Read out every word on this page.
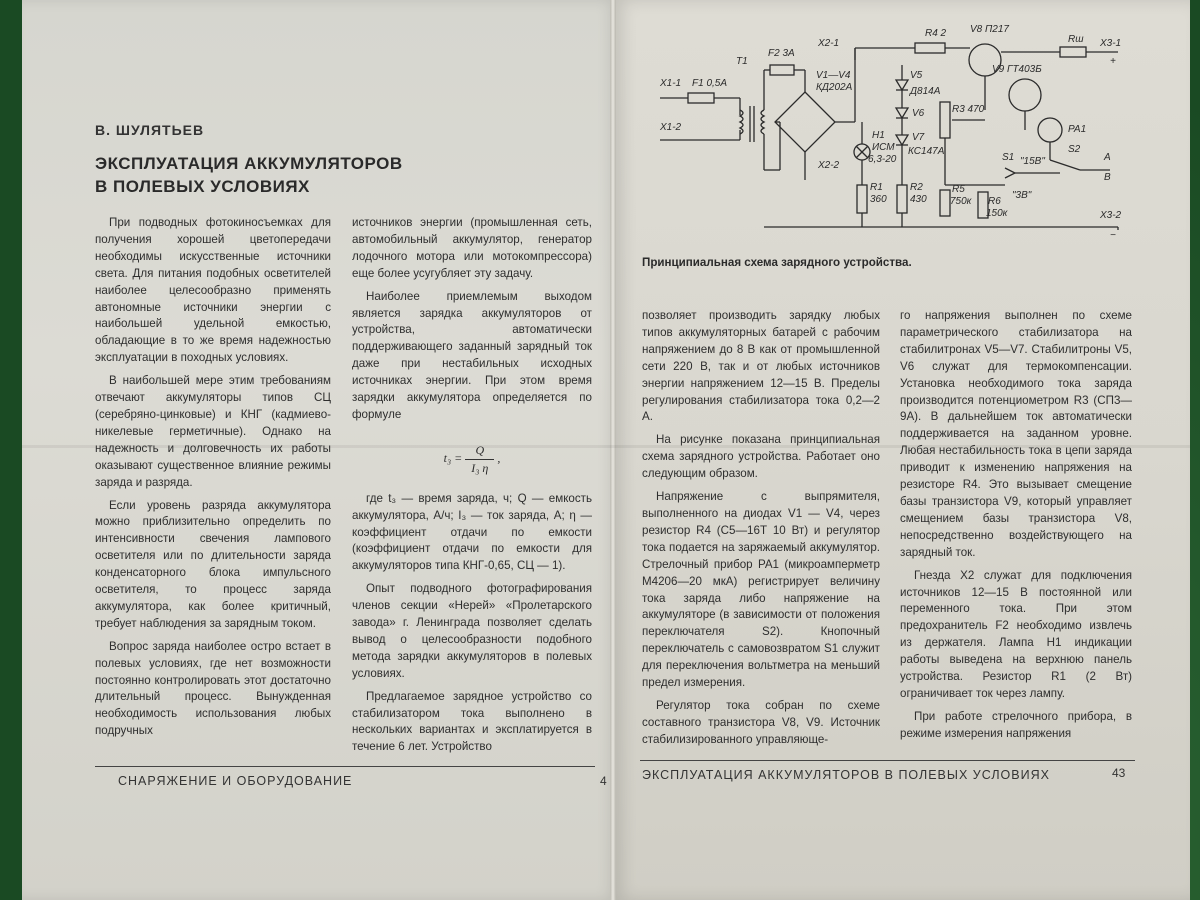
В. ШУЛЯТЬЕВ
ЭКСПЛУАТАЦИЯ АККУМУЛЯТОРОВ
В ПОЛЕВЫХ УСЛОВИЯХ

При подводных фотокиносъемках для получения хорошей цветопередачи необходимы искусственные источники света. Для питания подобных осветителей наиболее целесообразно применять автономные источники энергии с наибольшей удельной емкостью, обладающие в то же время надежностью эксплуатации в походных условиях.

В наибольшей мере этим требованиям отвечают аккумуляторы типов СЦ (серебряно-цинковые) и КНГ (кадмиево-никелевые герметичные). Однако на надежность и долговечность их работы оказывают существенное влияние режимы заряда и разряда.

Если уровень разряда аккумулятора можно приблизительно определить по интенсивности свечения лампового осветителя или по длительности заряда конденсаторного блока импульсного осветителя, то процесс заряда аккумулятора, как более критичный, требует наблюдения за зарядным током.

Вопрос заряда наиболее остро встает в полевых условиях, где нет возможности постоянно контролировать этот достаточно длительный процесс. Вынужденная необходимость использования любых подручных

источников энергии (промышленная сеть, автомобильный аккумулятор, генератор лодочного мотора или мотокомпрессора) еще более усугубляет эту задачу.

Наиболее приемлемым выходом является зарядка аккумуляторов от устройства, автоматически поддерживающего заданный зарядный ток даже при нестабильных исходных источниках энергии. При этом время зарядки аккумулятора определяется по формуле

$t_3 = \frac{Q}{\text{I₃ η}}$ ,

где t₃ — время заряда, ч; Q — емкость аккумулятора, А/ч; I₃ — ток заряда, А; η — коэффициент отдачи по емкости (коэффициент отдачи по емкости для аккумуляторов типа КНГ-0,65, СЦ — 1).

Опыт подводного фотографирования членов секции «Нерей» «Пролетарского завода» г. Ленинграда позволяет сделать вывод о целесообразности подобного метода зарядки аккумуляторов в полевых условиях.

Предлагаемое зарядное устройство со стабилизатором тока выполнено в нескольких вариантах и эксплатируется в течение 6 лет. Устройство

СНАРЯЖЕНИЕ И ОБОРУДОВАНИЕ	4
X1-1
X1-2
F1 0,5А
T1
F2 3А
X2-1
X2-2
V1—V4
КД202А
R4 2 V8 П217
V9 ГТ403Б
Rш X3-1
X3-2
V5
Д814А
V6
V7
КС147А
R3 470
H1
ИСМ
6,3-20
R1
360
R2
430
R5
750к R6
150к
PA1
S1
S2
"15В"
"3В"
А
В
+
−
Принципиальная схема зарядного устройства.

позволяет производить зарядку любых типов аккумуляторных батарей с рабочим напряжением до 8 В как от промышленной сети 220 В, так и от любых источников энергии напряжением 12—15 В. Пределы регулирования стабилизатора тока 0,2—2 А.

На рисунке показана принципиальная схема зарядного устройства. Работает оно следующим образом.

Напряжение с выпрямителя, выполненного на диодах V1 — V4, через резистор R4 (С5—16Т 10 Вт) и регулятор тока подается на заряжаемый аккумулятор. Стрелочный прибор PA1 (микроамперметр М4206—20 мкА) регистрирует величину тока заряда либо напряжение на аккумуляторе (в зависимости от положения переключателя S2). Кнопочный переключатель с самовозвратом S1 служит для переключения вольтметра на меньший предел измерения.

Регулятор тока собран по схеме составного транзистора V8, V9. Источник стабилизированного управляюще-

го напряжения выполнен по схеме параметрического стабилизатора на стабилитронах V5—V7. Стабилитроны V5, V6 служат для термокомпенсации. Установка необходимого тока заряда производится потенциометром R3 (СП3—9А). В дальнейшем ток автоматически поддерживается на заданном уровне. Любая нестабильность тока в цепи заряда приводит к изменению напряжения на резисторе R4. Это вызывает смещение базы транзистора V9, который управляет смещением базы транзистора V8, непосредственно воздействующего на зарядный ток.

Гнезда X2 служат для подключения источников 12—15 В постоянной или переменного тока. При этом предохранитель F2 необходимо извлечь из держателя. Лампа H1 индикации работы выведена на верхнюю панель устройства. Резистор R1 (2 Вт) ограничивает ток через лампу.

При работе стрелочного прибора, в режиме измерения напряжения

ЭКСПЛУАТАЦИЯ АККУМУЛЯТОРОВ В ПОЛЕВЫХ УСЛОВИЯХ	43
